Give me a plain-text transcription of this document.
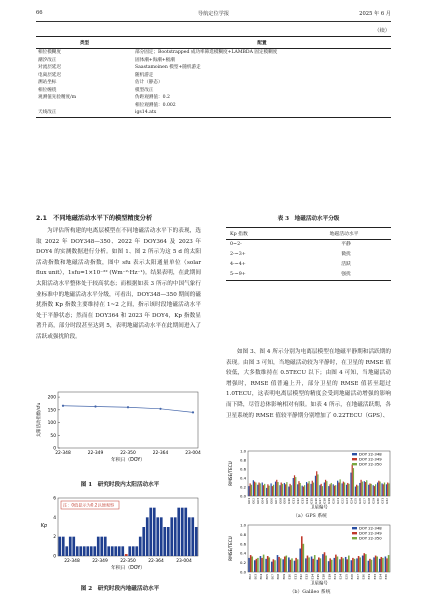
66	导航定位学报	2025 年 6 月
（续）
类型	配置
相位模糊度	部分固定；Bootstrapped 成功率筛选模糊度+LAMBDA 固定模糊度
潮汐改正	固体潮+海潮+极潮
对流层延迟	Saastamoinen 模型+随机游走
电离层延迟	随机游走
测站坐标	估计（静态）
相位缠绕	模型改正
观测值先验精度/m	伪距观测值：0.2
	相位观测值：0.002
天线改正	igs14.atx
2.1　不同地磁活动水平下的模型精度分析

为评估所构建的电离层模型在不同地磁活动水平下的表现，选取 2022 年 DOY348—350、2022 年 DOY364 及 2023 年 DOY4 的实测数据进行分析。如图 1、图 2 所示为这 5 d 的太阳活动指数和地磁活动指数，图中 sfu 表示太阳通量单位（solar flux unit），1sfu=1×10⁻²² (Wm⁻²·Hz⁻¹)。结果表明，在此期间太阳活动水平整体处于较高状态；而根据如表 3 所示的中国气象行业标准中的地磁活动水平分级，可看出，DOY348—350 期间的磁扰指数 Kp 指数主要维持在 1~2 之间，指示该时段地磁活动水平处于平静状态；然而在 DOY364 和 2023 年 DOY4，Kp 指数显著升高，部分时段甚至达到 5，表明地磁活动水平在此期间进入了活跃或强扰阶段。

表 3　地磁活动水平分级
Kp 指数	地磁活动水平
0~2-	平静
2-~3+	微扰
4-~4+	活跃
5-~9+	强扰

如图 3、图 4 所示分别为电离层模型在地磁平静期和活跃期的表现。由图 3 可知，当地磁活动较为平静时，在卫星的 RMSE 值较低，大多数维持在 0.5TECU 以下；由图 4 可知，当地磁活动增强时，RMSE 值普遍上升，部分卫星的 RMSE 值甚至超过 1.0TECU，这表明电离层模型的精度会受到地磁活动增强的影响而下降，尽管总体影响相对有限。如表 4 所示，在地磁活跃期，各卫星系统的 RMSE 值较平静期分别增加了 0.22TECU（GPS）、

0
50
100
150
200
22-348	22-349	22-350	22-364	23-004
年积日（DOY）
太阳活动指数/sfu
图 1　研究时段内太阳活动水平
0
2
4
6
22-348	22-349	22-350	22-364	23-004
年积日（DOY）
Kp
注：0值显示为0.2以便观察
图 2　研究时段内地磁活动水平
0.0
0.2
0.4
0.6
0.8
1.0
G01 G02 G03 G04 G05 G06 G07 G08 G09 G10 G11 G12 G13 G14 G15 G16 G17 G18 G19 G20 G21 G22 G23 G24 G25 G26 G27 G28 G29 G30 G31 G32
卫星编号
RMSE/TECU
DOY 22-348
DOY 22-349
DOY 22-350
（a）GPS 系统
0.0
0.2
0.4
0.6
0.8
1.0
E02 E03 E04 E05 E07 E08 E09 E10 E11 E12 E13 E14 E15 E18 E19 E21 E24 E25 E26 E27 E30 E31 E33 E34 E36
卫星编号
RMSE/TECU
DOY 22-348
DOY 22-349
DOY 22-350
（b）Galileo 系统
